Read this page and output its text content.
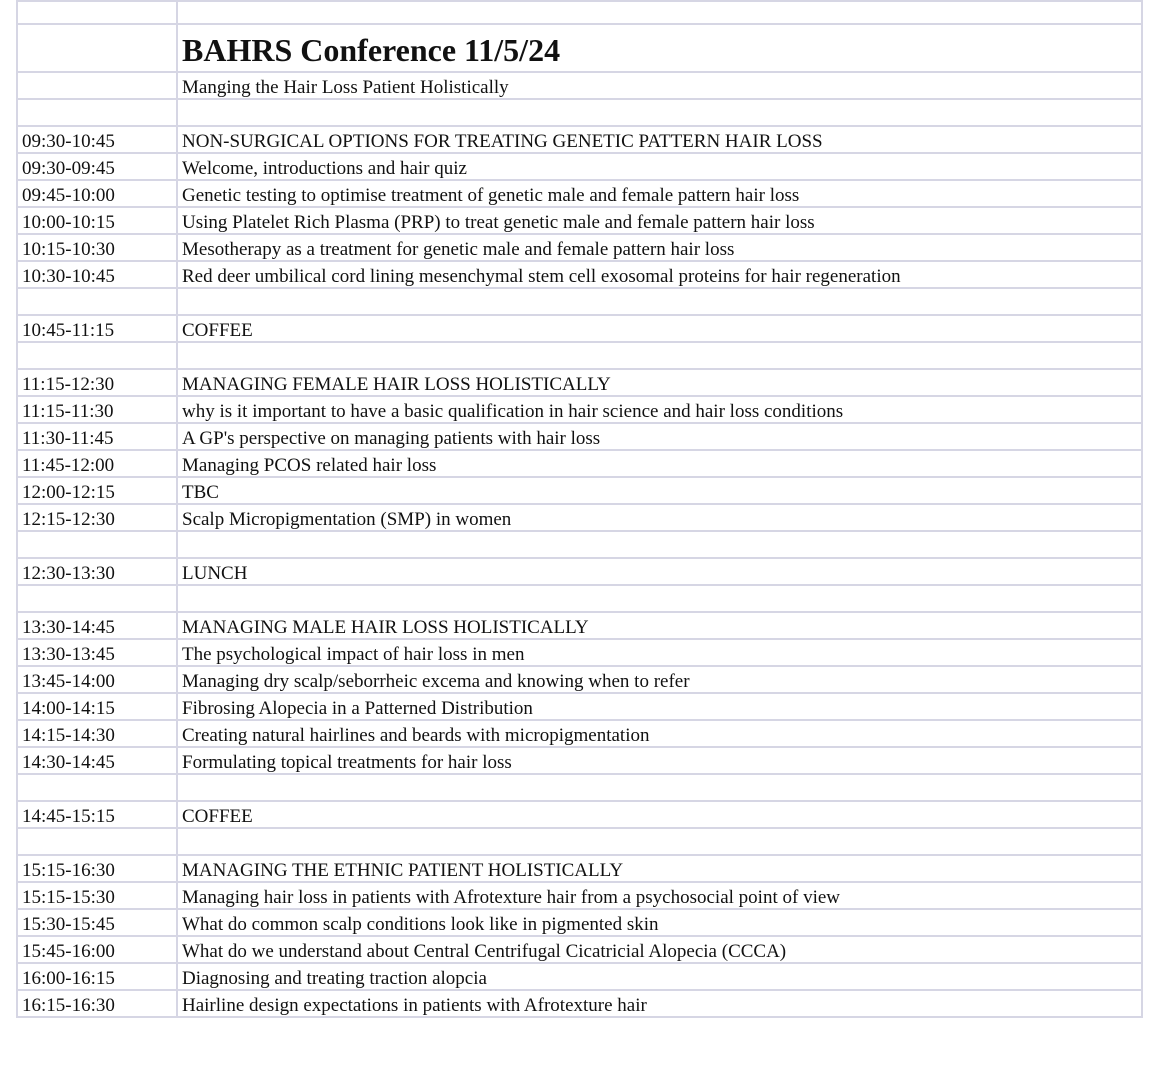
	BAHRS Conference 11/5/24
	Manging the Hair Loss Patient Holistically

09:30-10:45	NON-SURGICAL OPTIONS FOR TREATING GENETIC PATTERN HAIR LOSS
09:30-09:45	Welcome, introductions and hair quiz
09:45-10:00	Genetic testing to optimise treatment of genetic male and female pattern hair loss
10:00-10:15	Using Platelet Rich Plasma (PRP) to treat genetic male and female pattern hair loss
10:15-10:30	Mesotherapy as a treatment for genetic male and female pattern hair loss
10:30-10:45	Red deer umbilical cord lining mesenchymal stem cell exosomal proteins for hair regeneration

10:45-11:15	COFFEE

11:15-12:30	MANAGING FEMALE HAIR LOSS HOLISTICALLY
11:15-11:30	why is it important to have a basic qualification in hair science and hair loss conditions
11:30-11:45	A GP's perspective on managing patients with hair loss
11:45-12:00	Managing PCOS related hair loss
12:00-12:15	TBC
12:15-12:30	Scalp Micropigmentation (SMP) in women

12:30-13:30	LUNCH

13:30-14:45	MANAGING MALE HAIR LOSS HOLISTICALLY
13:30-13:45	The psychological impact of hair loss in men
13:45-14:00	Managing dry scalp/seborrheic excema and knowing when to refer
14:00-14:15	Fibrosing Alopecia in a Patterned Distribution
14:15-14:30	Creating natural hairlines and beards with micropigmentation
14:30-14:45	Formulating topical treatments for hair loss

14:45-15:15	COFFEE

15:15-16:30	MANAGING THE ETHNIC PATIENT HOLISTICALLY
15:15-15:30	Managing hair loss in patients with Afrotexture hair from a psychosocial point of view
15:30-15:45	What do common scalp conditions look like in pigmented skin
15:45-16:00	What do we understand about Central Centrifugal Cicatricial Alopecia (CCCA)
16:00-16:15	Diagnosing and treating traction alopcia
16:15-16:30	Hairline design expectations in patients with Afrotexture hair
